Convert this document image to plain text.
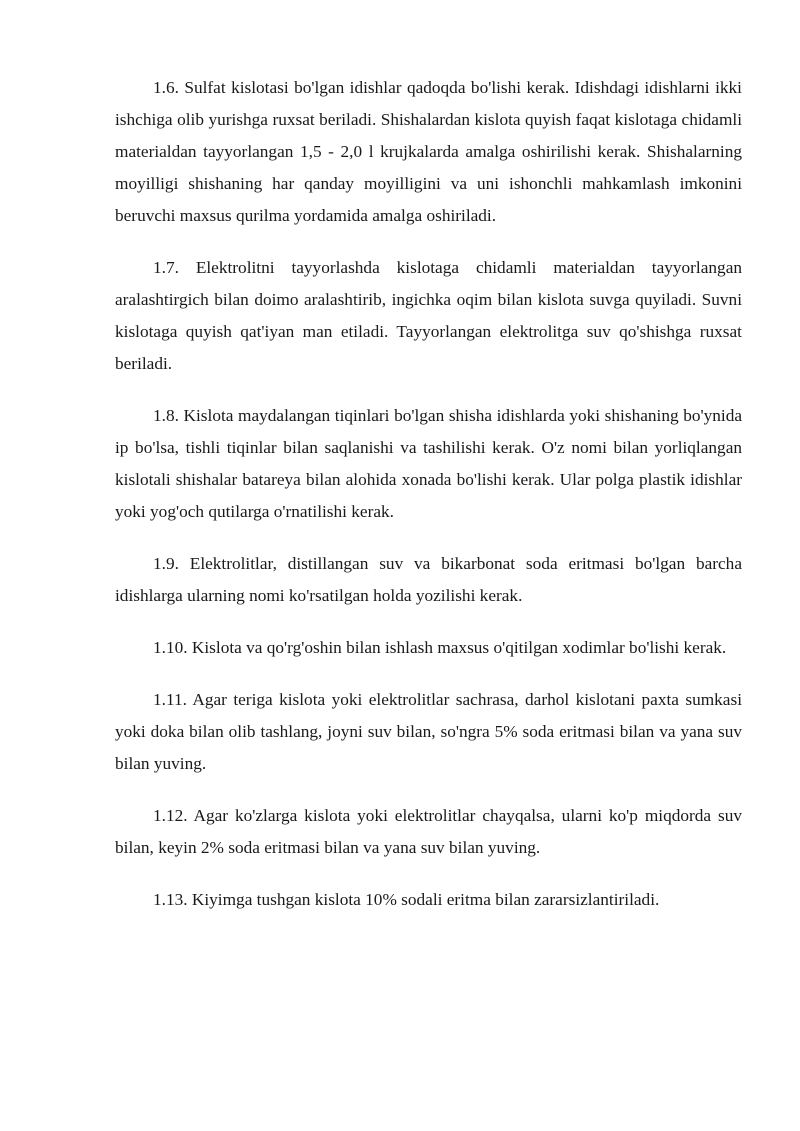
1.6. Sulfat kislotasi bo'lgan idishlar qadoqda bo'lishi kerak. Idishdagi idishlarni ikki ishchiga olib yurishga ruxsat beriladi. Shishalardan kislota quyish faqat kislotaga chidamli materialdan tayyorlangan 1,5 - 2,0 l krujkalarda amalga oshirilishi kerak. Shishalarning moyilligi shishaning har qanday moyilligini va uni ishonchli mahkamlash imkonini beruvchi maxsus qurilma yordamida amalga oshiriladi.

1.7. Elektrolitni tayyorlashda kislotaga chidamli materialdan tayyorlangan aralashtirgich bilan doimo aralashtirib, ingichka oqim bilan kislota suvga quyiladi. Suvni kislotaga quyish qat'iyan man etiladi. Tayyorlangan elektrolitga suv qo'shishga ruxsat beriladi.

1.8. Kislota maydalangan tiqinlari bo'lgan shisha idishlarda yoki shishaning bo'ynida ip bo'lsa, tishli tiqinlar bilan saqlanishi va tashilishi kerak. O'z nomi bilan yorliqlangan kislotali shishalar batareya bilan alohida xonada bo'lishi kerak. Ular polga plastik idishlar yoki yog'och qutilarga o'rnatilishi kerak.

1.9. Elektrolitlar, distillangan suv va bikarbonat soda eritmasi bo'lgan barcha idishlarga ularning nomi ko'rsatilgan holda yozilishi kerak.

1.10. Kislota va qo'rg'oshin bilan ishlash maxsus o'qitilgan xodimlar bo'lishi kerak.

1.11. Agar teriga kislota yoki elektrolitlar sachrasa, darhol kislotani paxta sumkasi yoki doka bilan olib tashlang, joyni suv bilan, so'ngra 5% soda eritmasi bilan va yana suv bilan yuving.

1.12. Agar ko'zlarga kislota yoki elektrolitlar chayqalsa, ularni ko'p miqdorda suv bilan, keyin 2% soda eritmasi bilan va yana suv bilan yuving.

1.13. Kiyimga tushgan kislota 10% sodali eritma bilan zararsizlantiriladi.
